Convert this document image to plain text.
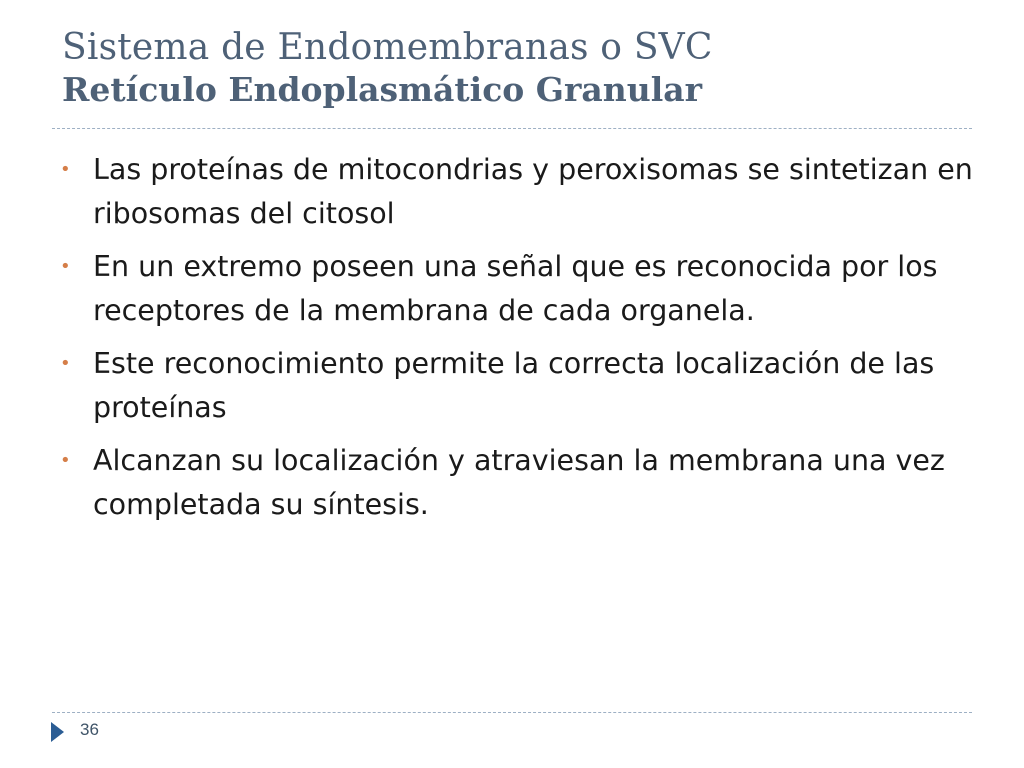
Sistema de Endomembranas o SVC
Retículo Endoplasmático Granular
• Las proteínas de mitocondrias y peroxisomas se sintetizan en ribosomas del citosol
• En un extremo poseen una señal que es reconocida por los receptores de la membrana de cada organela.
• Este reconocimiento permite la correcta localización de las proteínas
• Alcanzan su localización y atraviesan la membrana una vez completada su síntesis.
36
